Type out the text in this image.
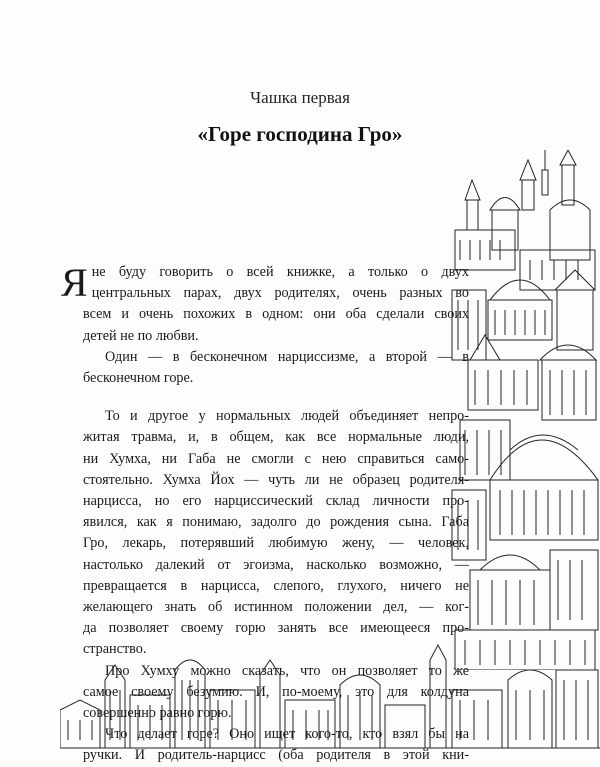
Чашка первая
«Горе господина Гро»

Я не буду говорить о всей книжке, а только о двух
центральных парах, двух родителях, очень разных во
всем и очень похожих в одном: они оба сделали своих
детей не по любви.

Один — в бесконечном нарциссизме, а второй — в
бесконечном горе.

То и другое у нормальных людей объединяет непро-
житая травма, и, в общем, как все нормальные люди,
ни Хумха, ни Габа не смогли с нею справиться само-
стоятельно. Хумха Йох — чуть ли не образец родителя-
нарцисса, но его нарциссический склад личности про-
явился, как я понимаю, задолго до рождения сына. Габа
Гро, лекарь, потерявший любимую жену, — человек,
настолько далекий от эгоизма, насколько возможно, —
превращается в нарцисса, слепого, глухого, ничего не
желающего знать об истинном положении дел, — ког-
да позволяет своему горю занять все имеющееся про-
странство.

Про Хумху можно сказать, что он позволяет то же
самое своему безумию. И, по-моему, это для колдуна
совершенно равно горю.

Что делает горе? Оно ищет кого-то, кто взял бы на
ручки. И родитель-нарцисс (оба родителя в этой кни-
